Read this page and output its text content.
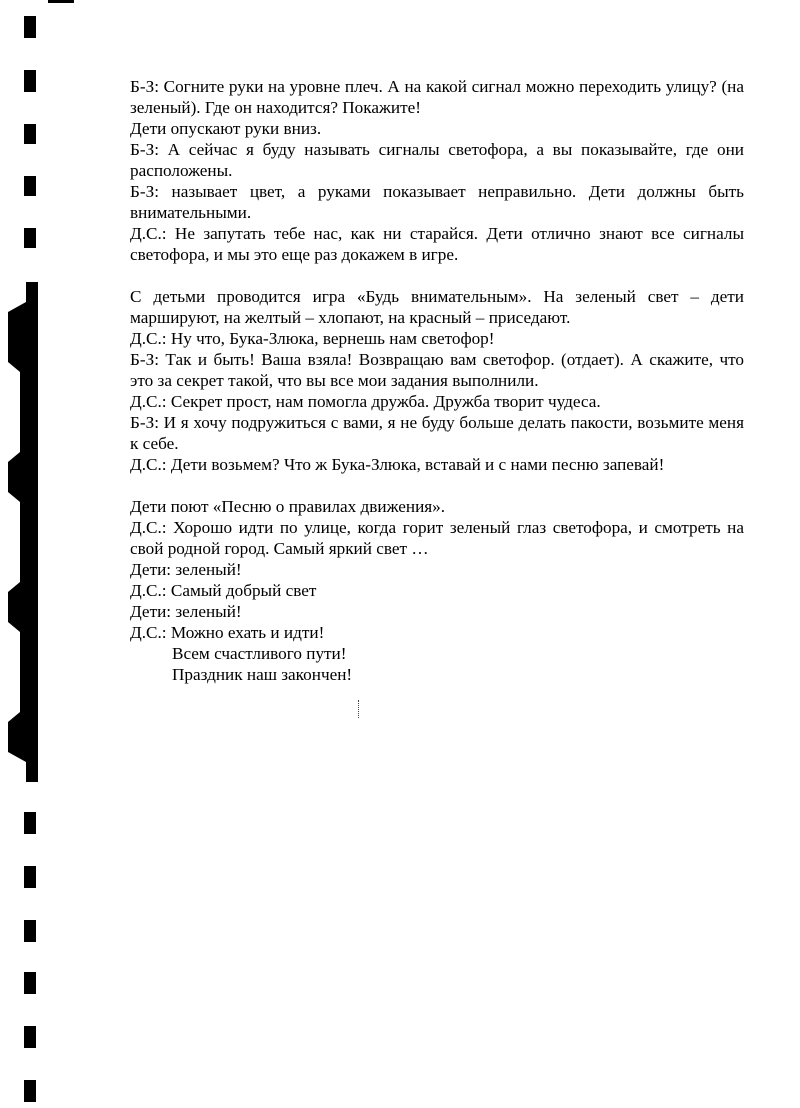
Б-З: Согните руки на уровне плеч. А на какой сигнал можно переходить улицу? (на зеленый). Где он находится? Покажите!

Дети опускают руки вниз.

Б-З: А сейчас я буду называть сигналы светофора, а вы показывайте, где они расположены.

Б-З: называет цвет, а руками показывает неправильно. Дети должны быть внимательными.

Д.С.: Не запутать тебе нас, как ни старайся. Дети отлично знают все сигналы светофора, и мы это еще раз докажем в игре.

С детьми проводится игра «Будь внимательным». На зеленый свет – дети маршируют, на желтый – хлопают, на красный – приседают.

Д.С.: Ну что, Бука-Злюка, вернешь нам светофор!

Б-З: Так и быть! Ваша взяла! Возвращаю вам светофор. (отдает). А скажите, что это за секрет такой, что вы все мои задания выполнили.

Д.С.: Секрет прост, нам помогла дружба. Дружба творит чудеса.

Б-З: И я хочу подружиться с вами, я не буду больше делать пакости, возьмите меня к себе.

Д.С.: Дети возьмем? Что ж Бука-Злюка, вставай и с нами песню запевай!

Дети поют «Песню о правилах движения».

Д.С.: Хорошо идти по улице, когда горит зеленый глаз светофора, и смотреть на свой родной город. Самый яркий свет …

Дети: зеленый!

Д.С.: Самый добрый свет

Дети: зеленый!

Д.С.: Можно ехать и идти!

Всем счастливого пути!

Праздник наш закончен!
